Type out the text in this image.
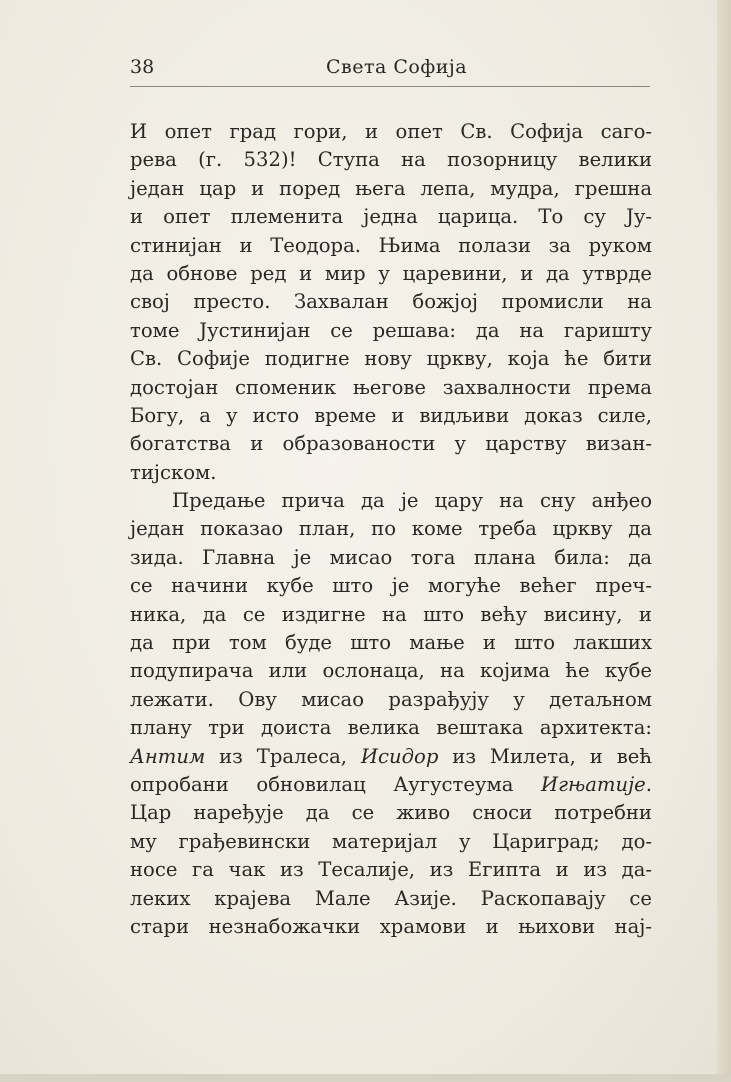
38	Света Софија
И опет град гори, и опет Св. Софија саго-
рева (г. 532)! Ступа на позорницу велики
један цар и поред њега лепа, мудра, грешна
и опет племенита једна царица. То су Ју-
стинијан и Теодора. Њима полази за руком
да обнове ред и мир у царевини, и да утврде
свој престо. Захвалан божјој промисли на
томе Јустинијан се решава: да на гаришту
Св. Софије подигне нову цркву, која ће бити
достојан споменик његове захвалности према
Богу, а у исто време и видљиви доказ силе,
богатства и образованости у царству визан-
тијском.
Предање прича да је цару на сну анђео
један показао план, по коме треба цркву да
зида. Главна је мисао тога плана била: да
се начини кубе што је могуће већег преч-
ника, да се издигне на што већу висину, и
да при том буде што мање и што лакших
подупирача или ослонаца, на којима ће кубе
лежати. Ову мисао разрађују у детаљном
плану три доиста велика вештака архитекта:
Антим из Тралеса, Исидор из Милета, и већ
опробани обновилац Аугустеума Игњатије.
Цар наређује да се живо сноси потребни
му грађевински материјал у Цариград; до-
носе га чак из Тесалије, из Египта и из да-
леких крајева Мале Азије. Раскопавају се
стари незнабожачки храмови и њихови нај-
